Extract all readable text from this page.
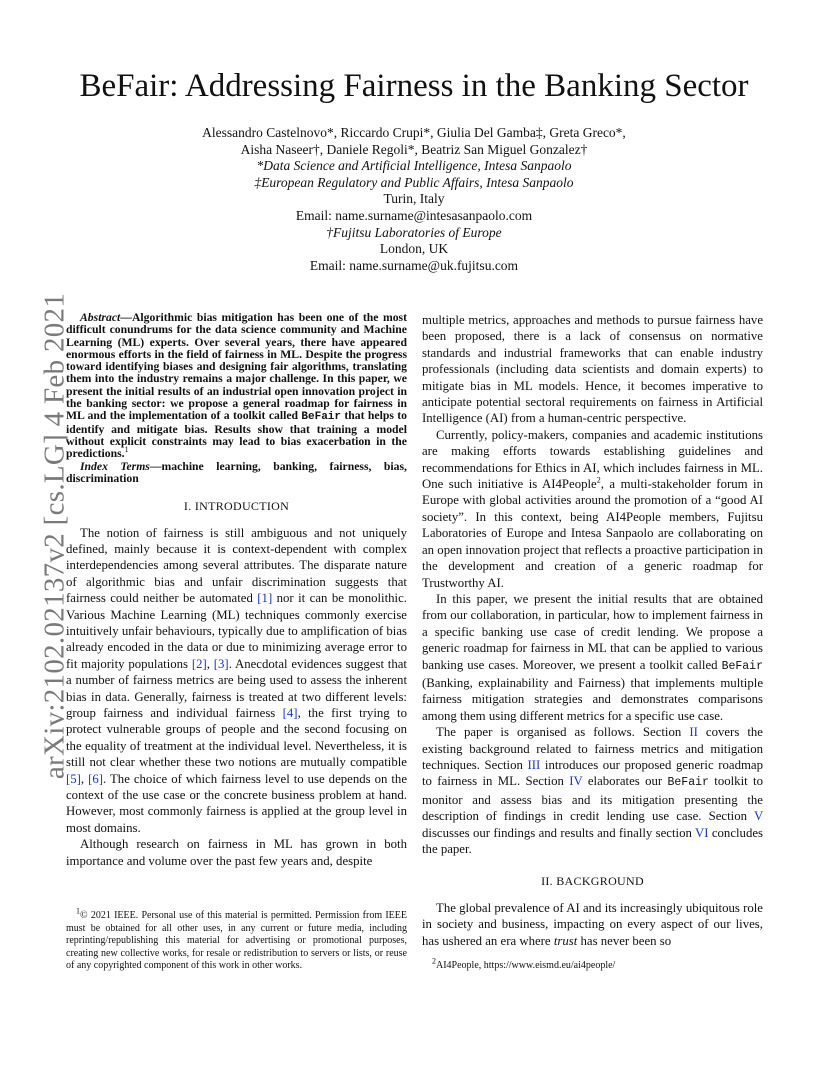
BeFair: Addressing Fairness in the Banking Sector
Alessandro Castelnovo*, Riccardo Crupi*, Giulia Del Gamba‡, Greta Greco*,
Aisha Naseer†, Daniele Regoli*, Beatriz San Miguel Gonzalez†
*Data Science and Artificial Intelligence, Intesa Sanpaolo
‡European Regulatory and Public Affairs, Intesa Sanpaolo
Turin, Italy
Email: name.surname@intesasanpaolo.com
†Fujitsu Laboratories of Europe
London, UK
Email: name.surname@uk.fujitsu.com
arXiv:2102.02137v2 [cs.LG] 4 Feb 2021 Abstract—Algorithmic bias mitigation has been one of the most difficult conundrums for the data science community and Machine Learning (ML) experts. Over several years, there have appeared enormous efforts in the field of fairness in ML. Despite the progress toward identifying biases and designing fair algorithms, translating them into the industry remains a major challenge. In this paper, we present the initial results of an industrial open innovation project in the banking sector: we propose a general roadmap for fairness in ML and the implementation of a toolkit called BeFair that helps to identify and mitigate bias. Results show that training a model without explicit constraints may lead to bias exacerbation in the predictions.$^1$

Index Terms—machine learning, banking, fairness, bias, discrimination

I. INTRODUCTION

The notion of fairness is still ambiguous and not uniquely defined, mainly because it is context-dependent with complex interdependencies among several attributes. The disparate nature of algorithmic bias and unfair discrimination suggests that fairness could neither be automated [1] nor it can be monolithic. Various Machine Learning (ML) techniques commonly exercise intuitively unfair behaviours, typically due to amplification of bias already encoded in the data or due to minimizing average error to fit majority populations [2], [3]. Anecdotal evidences suggest that a number of fairness metrics are being used to assess the inherent bias in data. Generally, fairness is treated at two different levels: group fairness and individual fairness [4], the first trying to protect vulnerable groups of people and the second focusing on the equality of treatment at the individual level. Nevertheless, it is still not clear whether these two notions are mutually compatible [5], [6]. The choice of which fairness level to use depends on the context of the use case or the concrete business problem at hand. However, most commonly fairness is applied at the group level in most domains.

Although research on fairness in ML has grown in both importance and volume over the past few years and, despite

multiple metrics, approaches and methods to pursue fairness have been proposed, there is a lack of consensus on normative standards and industrial frameworks that can enable industry professionals (including data scientists and domain experts) to mitigate bias in ML models. Hence, it becomes imperative to anticipate potential sectoral requirements on fairness in Artificial Intelligence (AI) from a human-centric perspective.

Currently, policy-makers, companies and academic institutions are making efforts towards establishing guidelines and recommendations for Ethics in AI, which includes fairness in ML. One such initiative is AI4People$^2$, a multi-stakeholder forum in Europe with global activities around the promotion of a “good AI society”. In this context, being AI4People members, Fujitsu Laboratories of Europe and Intesa Sanpaolo are collaborating on an open innovation project that reflects a proactive participation in the development and creation of a generic roadmap for Trustworthy AI.

In this paper, we present the initial results that are obtained from our collaboration, in particular, how to implement fairness in a specific banking use case of credit lending. We propose a generic roadmap for fairness in ML that can be applied to various banking use cases. Moreover, we present a toolkit called BeFair (Banking, explainability and Fairness) that implements multiple fairness mitigation strategies and demonstrates comparisons among them using different metrics for a specific use case.

The paper is organised as follows. Section II covers the existing background related to fairness metrics and mitigation techniques. Section III introduces our proposed generic roadmap to fairness in ML. Section IV elaborates our BeFair toolkit to monitor and assess bias and its mitigation presenting the description of findings in credit lending use case. Section V discusses our findings and results and finally section VI concludes the paper.

II. BACKGROUND

The global prevalence of AI and its increasingly ubiquitous role in society and business, impacting on every aspect of our lives, has ushered an era where trust has never been so

$^1$© 2021 IEEE. Personal use of this material is permitted. Permission from IEEE must be obtained for all other uses, in any current or future media, including reprinting/republishing this material for advertising or promotional purposes, creating new collective works, for resale or redistribution to servers or lists, or reuse of any copyrighted component of this work in other works.	$^2$AI4People, https://www.eismd.eu/ai4people/
